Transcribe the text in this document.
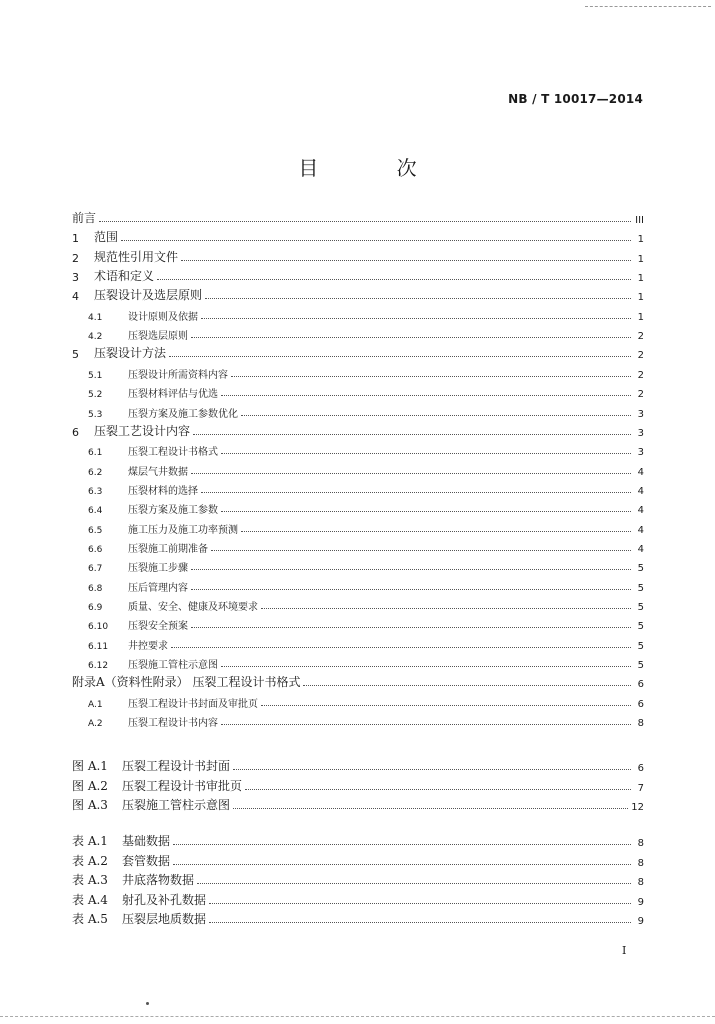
NB / T 10017—2014
目 次
前言	III
1	范围	1
2	规范性引用文件	1
3	术语和定义	1
4	压裂设计及选层原则	1
4.1	设计原则及依据	1
4.2	压裂选层原则	2
5	压裂设计方法	2
5.1	压裂设计所需资料内容	2
5.2	压裂材料评估与优选	2
5.3	压裂方案及施工参数优化	3
6	压裂工艺设计内容	3
6.1	压裂工程设计书格式	3
6.2	煤层气井数据	4
6.3	压裂材料的选择	4
6.4	压裂方案及施工参数	4
6.5	施工压力及施工功率预测	4
6.6	压裂施工前期准备	4
6.7	压裂施工步骤	5
6.8	压后管理内容	5
6.9	质量、安全、健康及环境要求	5
6.10	压裂安全预案	5
6.11	井控要求	5
6.12	压裂施工管柱示意图	5
附录A（资料性附录） 压裂工程设计书格式	6
A.1	压裂工程设计书封面及审批页	6
A.2	压裂工程设计书内容	8
图 A.1	压裂工程设计书封面	6
图 A.2	压裂工程设计书审批页	7
图 A.3	压裂施工管柱示意图	12
表 A.1	基础数据	8
表 A.2	套管数据	8
表 A.3	井底落物数据	8
表 A.4	射孔及补孔数据	9
表 A.5	压裂层地质数据	9
I
